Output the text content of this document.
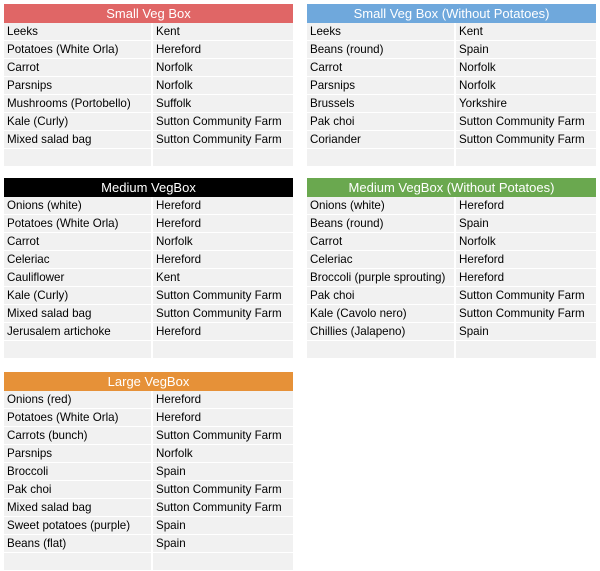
Small Veg Box
Leeks	Kent
Potatoes (White Orla)	Hereford
Carrot	Norfolk
Parsnips	Norfolk
Mushrooms (Portobello)	Suffolk
Kale (Curly)	Sutton Community Farm
Mixed salad bag	Sutton Community Farm
Small Veg Box (Without Potatoes)
Leeks	Kent
Beans (round)	Spain
Carrot	Norfolk
Parsnips	Norfolk
Brussels	Yorkshire
Pak choi	Sutton Community Farm
Coriander	Sutton Community Farm
Medium VegBox
Onions (white)	Hereford
Potatoes (White Orla)	Hereford
Carrot	Norfolk
Celeriac	Hereford
Cauliflower	Kent
Kale (Curly)	Sutton Community Farm
Mixed salad bag	Sutton Community Farm
Jerusalem artichoke	Hereford
Medium VegBox (Without Potatoes)
Onions (white)	Hereford
Beans (round)	Spain
Carrot	Norfolk
Celeriac	Hereford
Broccoli (purple sprouting)	Hereford
Pak choi	Sutton Community Farm
Kale (Cavolo nero)	Sutton Community Farm
Chillies (Jalapeno)	Spain
Large VegBox
Onions (red)	Hereford
Potatoes (White Orla)	Hereford
Carrots (bunch)	Sutton Community Farm
Parsnips	Norfolk
Broccoli	Spain
Pak choi	Sutton Community Farm
Mixed salad bag	Sutton Community Farm
Sweet potatoes (purple)	Spain
Beans (flat)	Spain
